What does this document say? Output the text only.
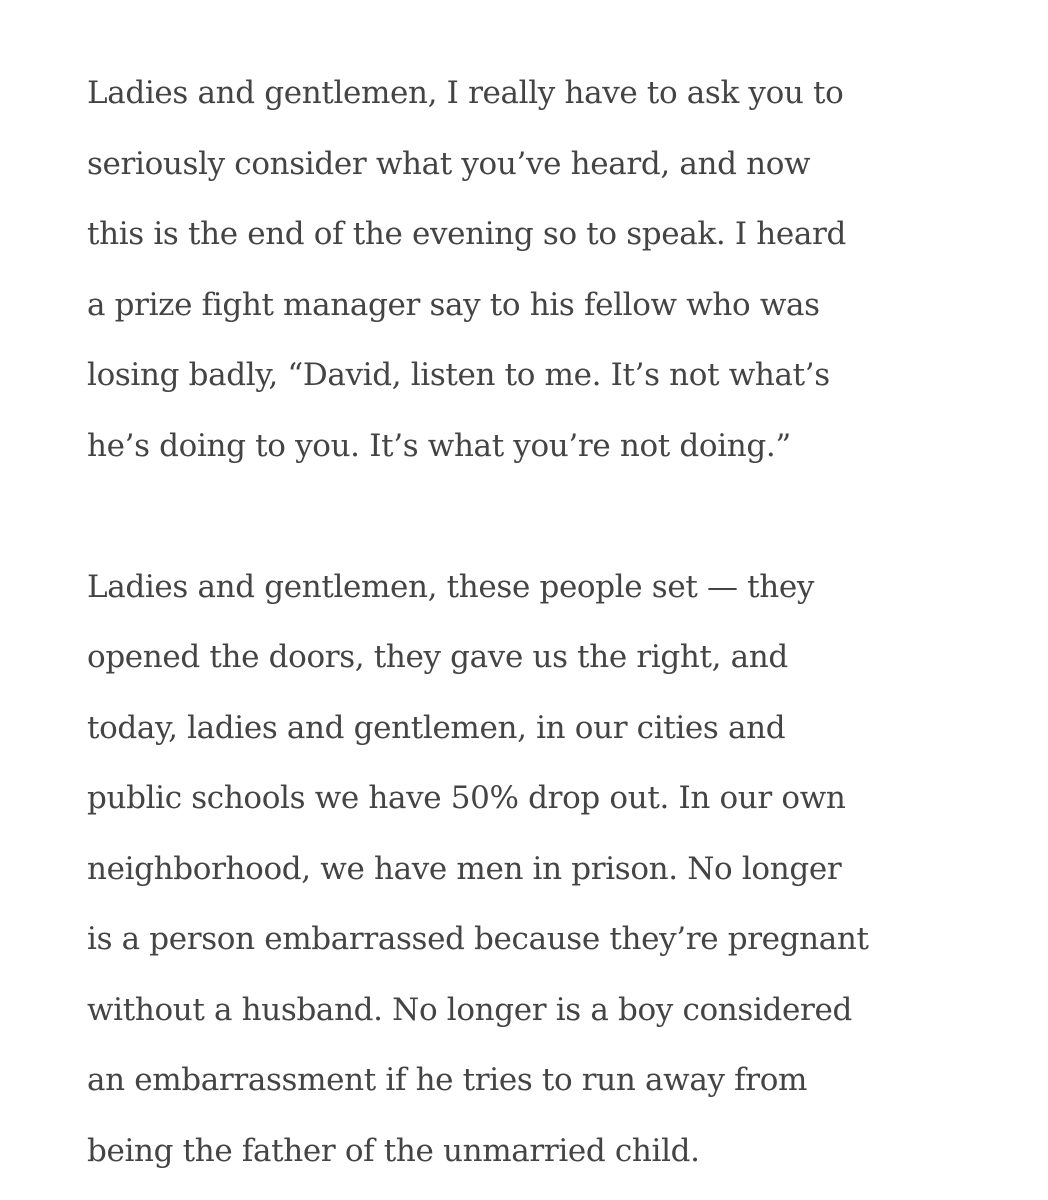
Ladies and gentlemen, I really have to ask you to
seriously consider what you’ve heard, and now
this is the end of the evening so to speak. I heard
a prize fight manager say to his fellow who was
losing badly, “David, listen to me. It’s not what’s
he’s doing to you. It’s what you’re not doing.”

Ladies and gentlemen, these people set — they
opened the doors, they gave us the right, and
today, ladies and gentlemen, in our cities and
public schools we have 50% drop out. In our own
neighborhood, we have men in prison. No longer
is a person embarrassed because they’re pregnant
without a husband. No longer is a boy considered
an embarrassment if he tries to run away from
being the father of the unmarried child.
